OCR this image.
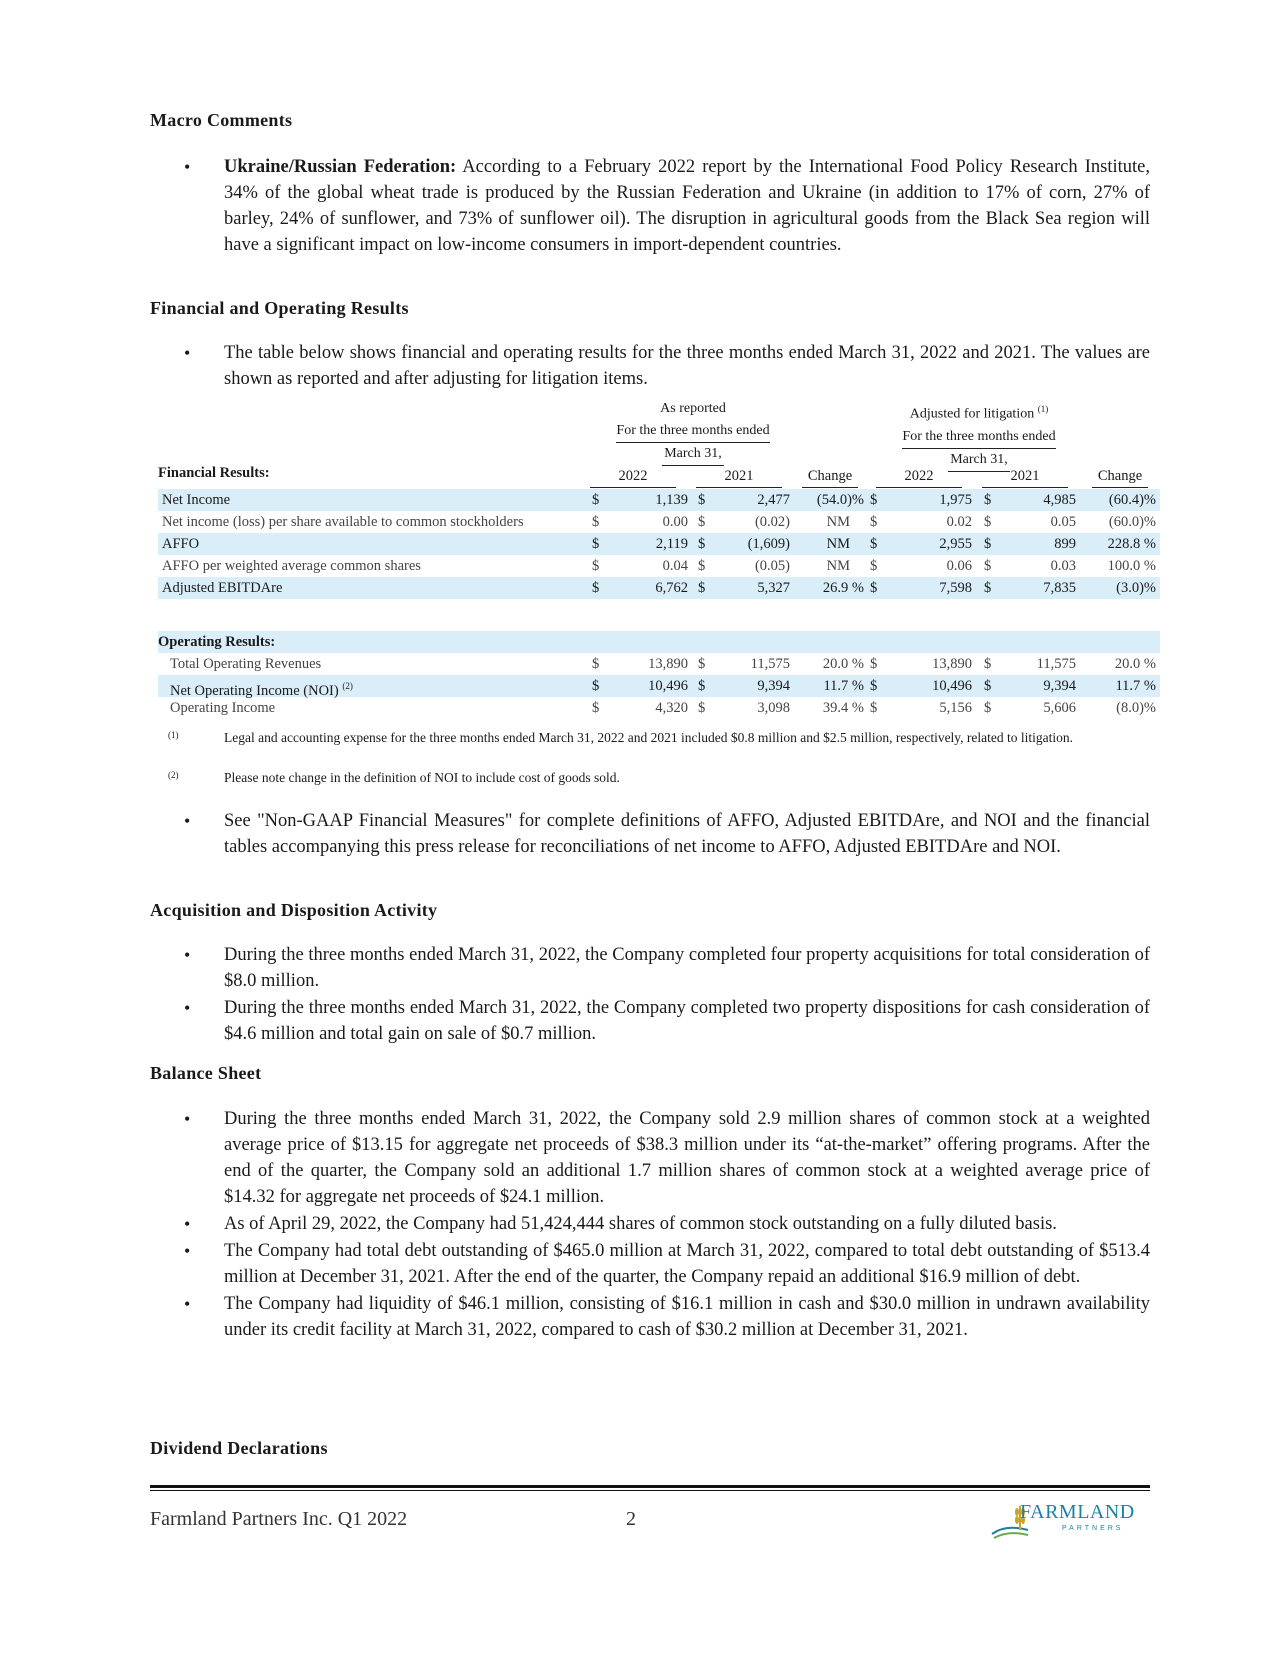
Macro Comments
• Ukraine/Russian Federation: According to a February 2022 report by the International Food Policy Research Institute, 34% of the global wheat trade is produced by the Russian Federation and Ukraine (in addition to 17% of corn, 27% of barley, 24% of sunflower, and 73% of sunflower oil). The disruption in agricultural goods from the Black Sea region will have a significant impact on low-income consumers in import-dependent countries.
Financial and Operating Results
• The table below shows financial and operating results for the three months ended March 31, 2022 and 2021. The values are shown as reported and after adjusting for litigation items.
As reported
For the three months ended
March 31,
Adjusted for litigation $^{(1)}$
For the three months ended
March 31,
Financial Results:	2022	2021	Change	2022	2021	Change
Net Income	$	1,139 $	2,477 (54.0)% $	1,975 $	4,985 (60.4)%
Net income (loss) per share available to common stockholders	$	0.00 $	(0.02)	NM $	0.02 $	0.05 (60.0)%
AFFO	$	2,119 $	(1,609)	NM $	2,955 $	899 228.8 %
AFFO per weighted average common shares	$	0.04 $	(0.05)	NM $	0.06 $	0.03 100.0 %
Adjusted EBITDAre	$	6,762 $	5,327 26.9 % $	7,598 $	7,835	(3.0)%
Operating Results:
Total Operating Revenues	$	13,890 $	11,575 20.0 % $	13,890 $	11,575	20.0 %
Net Operating Income (NOI) $^{(2)}$	$	10,496 $	9,394 11.7 % $	10,496 $	9,394	11.7 %
Operating Income	$	4,320 $	3,098 39.4 % $	5,156 $	5,606	(8.0)%
(1)	Legal and accounting expense for the three months ended March 31, 2022 and 2021 included $0.8 million and $2.5 million, respectively, related to litigation.
(2)	Please note change in the definition of NOI to include cost of goods sold.
• See "Non-GAAP Financial Measures" for complete definitions of AFFO, Adjusted EBITDAre, and NOI and the financial tables accompanying this press release for reconciliations of net income to AFFO, Adjusted EBITDAre and NOI.
Acquisition and Disposition Activity
• During the three months ended March 31, 2022, the Company completed four property acquisitions for total consideration of $8.0 million.
• During the three months ended March 31, 2022, the Company completed two property dispositions for cash consideration of $4.6 million and total gain on sale of $0.7 million.
Balance Sheet
• During the three months ended March 31, 2022, the Company sold 2.9 million shares of common stock at a weighted average price of $13.15 for aggregate net proceeds of $38.3 million under its “at-the-market” offering programs. After the end of the quarter, the Company sold an additional 1.7 million shares of common stock at a weighted average price of $14.32 for aggregate net proceeds of $24.1 million.
• As of April 29, 2022, the Company had 51,424,444 shares of common stock outstanding on a fully diluted basis.
• The Company had total debt outstanding of $465.0 million at March 31, 2022, compared to total debt outstanding of $513.4 million at December 31, 2021. After the end of the quarter, the Company repaid an additional $16.9 million of debt.
• The Company had liquidity of $46.1 million, consisting of $16.1 million in cash and $30.0 million in undrawn availability under its credit facility at March 31, 2022, compared to cash of $30.2 million at December 31, 2021.
Dividend Declarations
Farmland Partners Inc. Q1 2022	2	FARMLAND
PARTNERS
